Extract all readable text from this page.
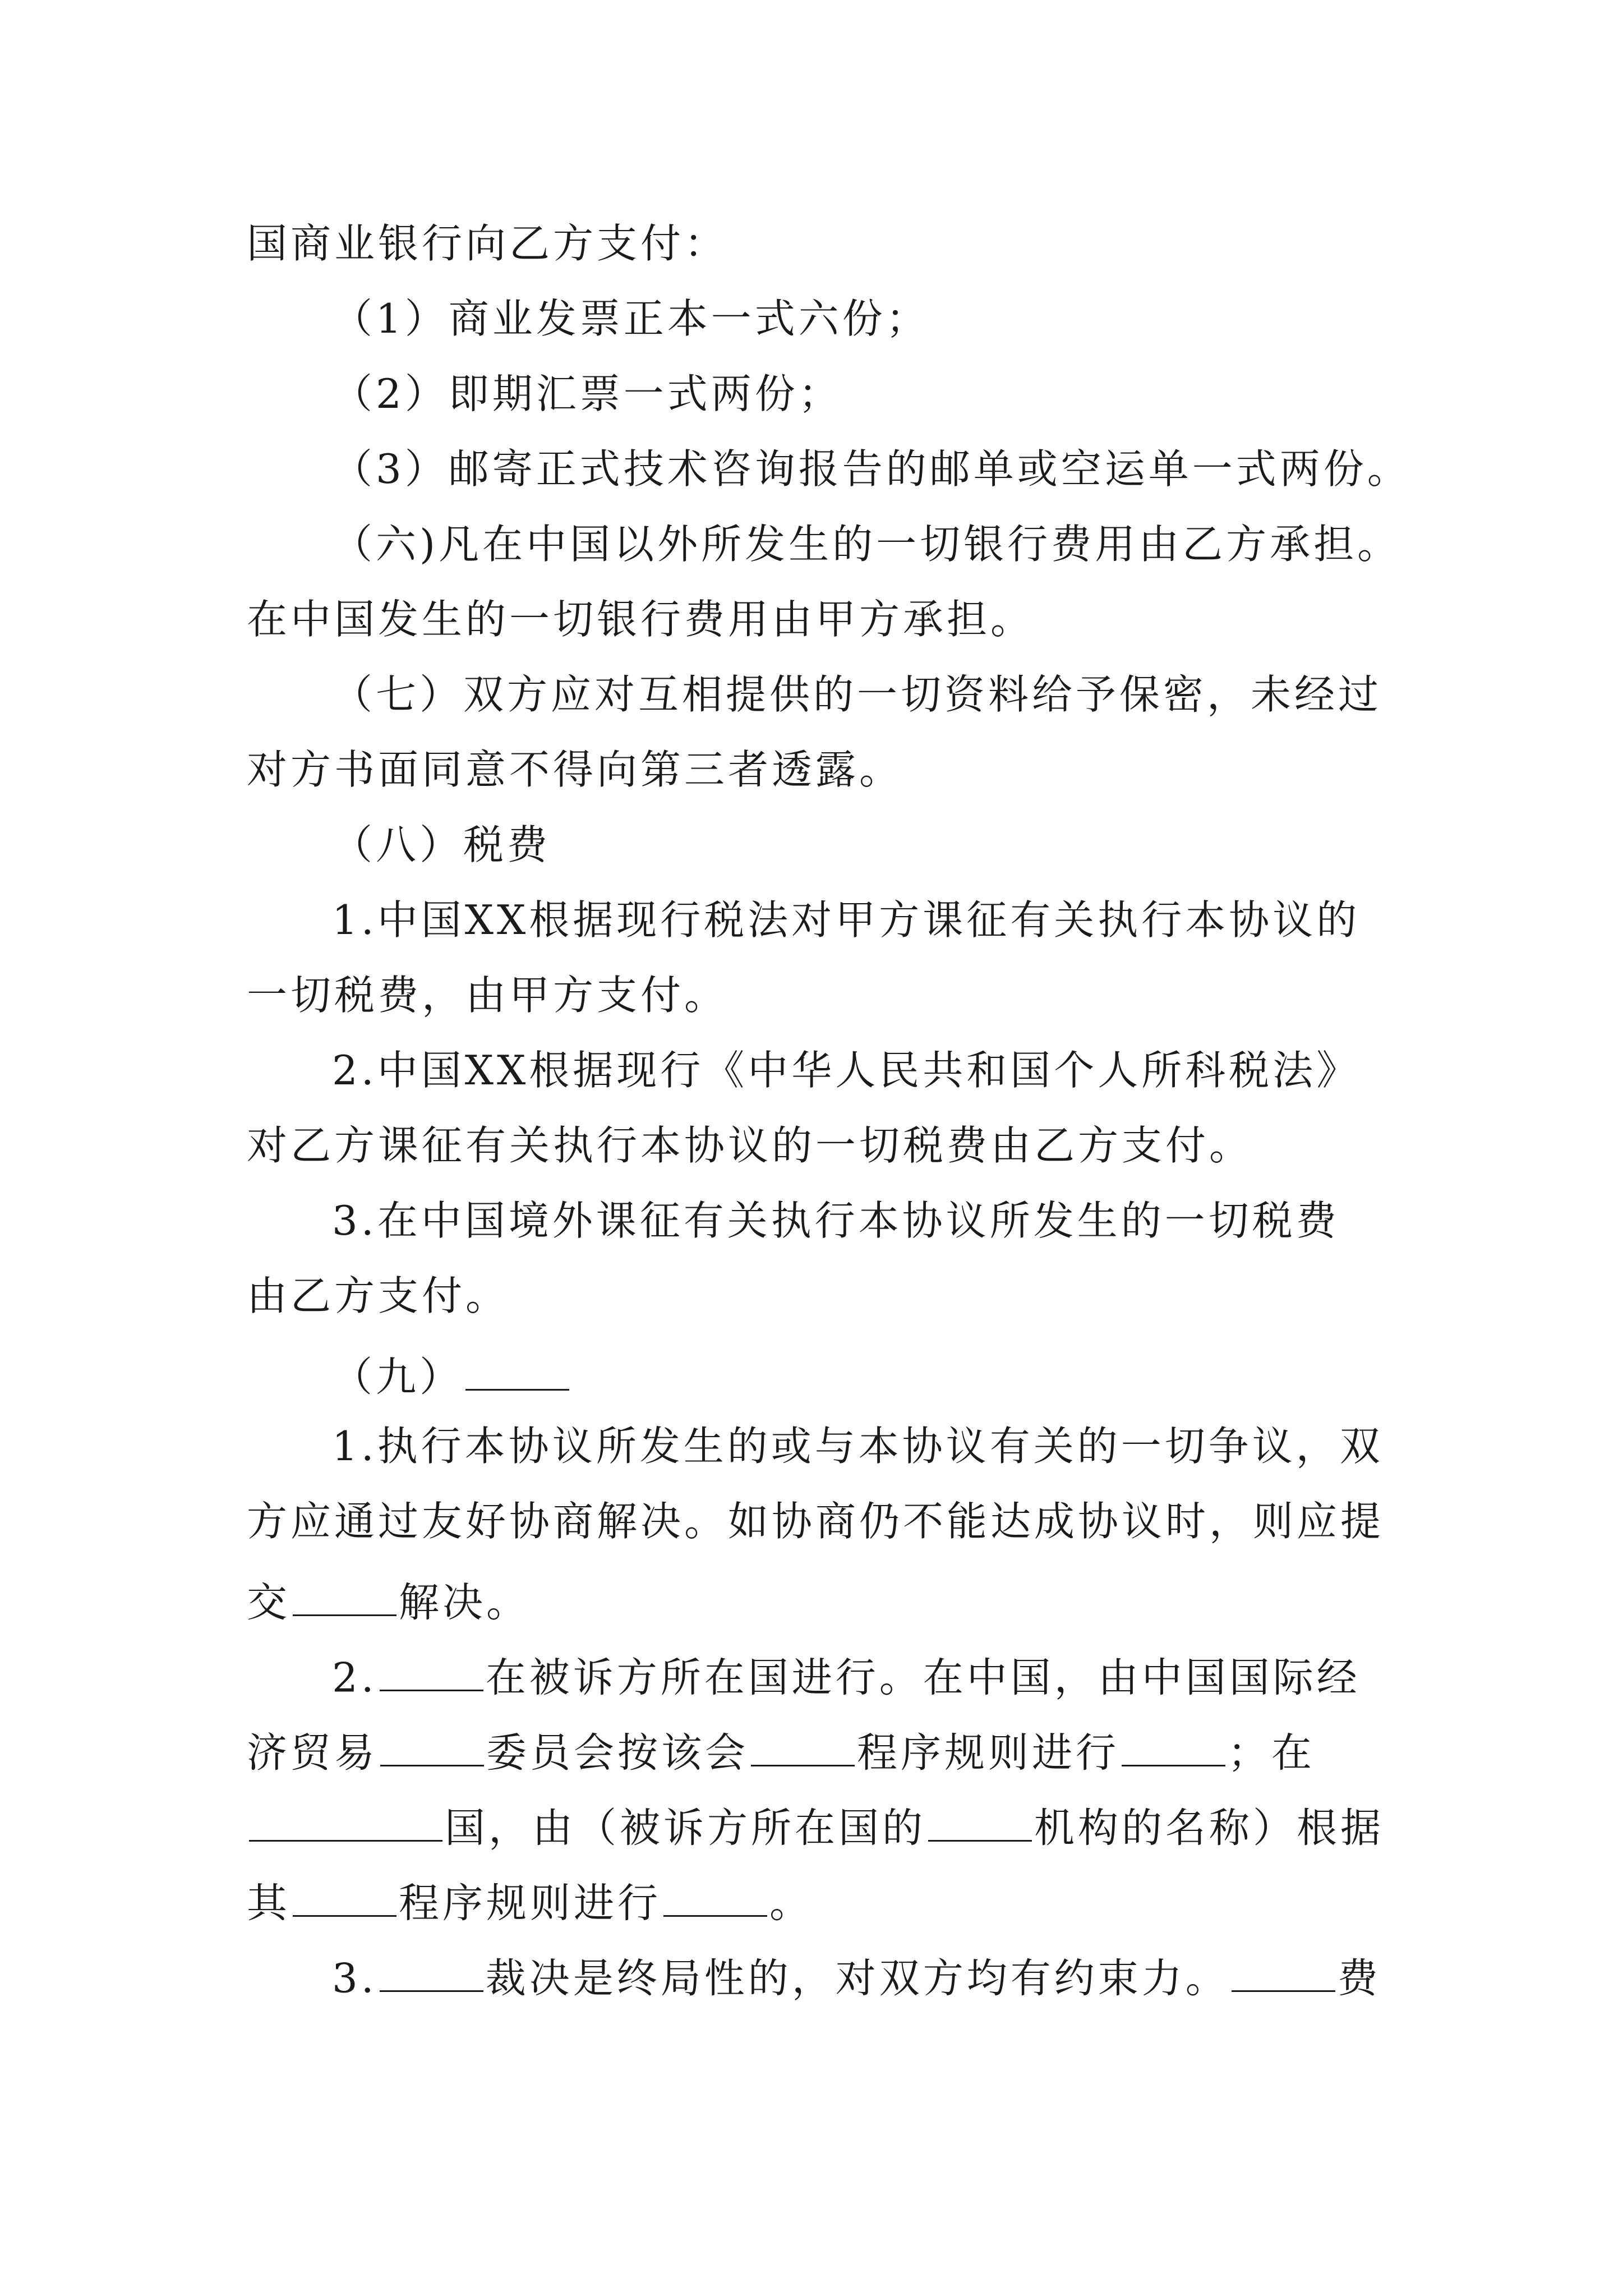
国商业银行向乙方支付：
（1）商业发票正本一式六份；
（2）即期汇票一式两份；
（3）邮寄正式技术咨询报告的邮单或空运单一式两份。
（六)凡在中国以外所发生的一切银行费用由乙方承担。
在中国发生的一切银行费用由甲方承担。
（七）双方应对互相提供的一切资料给予保密，未经过
对方书面同意不得向第三者透露。
（八）税费
1.中国XX根据现行税法对甲方课征有关执行本协议的
一切税费，由甲方支付。
2.中国XX根据现行《中华人民共和国个人所科税法》
对乙方课征有关执行本协议的一切税费由乙方支付。
3.在中国境外课征有关执行本协议所发生的一切税费
由乙方支付。
（九）
1.执行本协议所发生的或与本协议有关的一切争议，双
方应通过友好协商解决。如协商仍不能达成协议时，则应提
交	解决。
2.	在被诉方所在国进行。在中国，由中国国际经
济贸易	委员会按该会	程序规则进行	；在
国，由（被诉方所在国的	机构的名称）根据
其	程序规则进行	。
3.	裁决是终局性的，对双方均有约束力。	费
